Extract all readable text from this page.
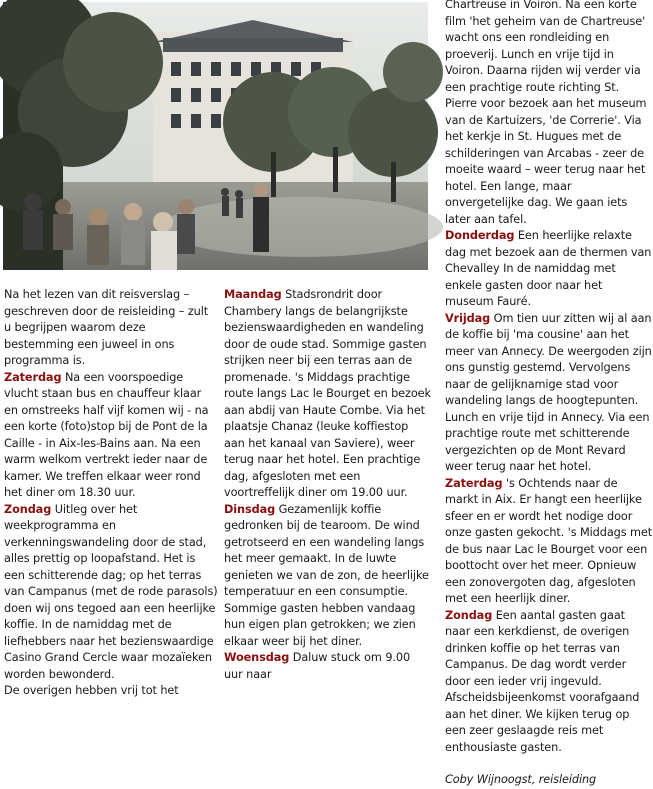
Na het lezen van dit reisverslag – geschreven door de reisleiding – zult u begrijpen waarom deze bestemming een juweel in ons programma is.

Zaterdag Na een voorspoedige vlucht staan bus en chauffeur klaar en omstreeks half vijf komen wij - na een korte (foto)stop bij de Pont de la Caille - in Aix-les-Bains aan. Na een warm welkom vertrekt ieder naar de kamer. We treffen elkaar weer rond het diner om 18.30 uur.

Zondag Uitleg over het weekprogramma en verkenningswandeling door de stad, alles prettig op loopafstand. Het is een schitterende dag; op het terras van Campanus (met de rode parasols) doen wij ons tegoed aan een heerlijke koffie. In de namiddag met de liefhebbers naar het bezienswaardige Casino Grand Cercle waar mozaïeken worden bewonderd.

De overigen hebben vrij tot het

Maandag Stadsrondrit door Chambery langs de belangrijkste bezienswaardigheden en wandeling door de oude stad. Sommige gasten strijken neer bij een terras aan de promenade. 's Middags prachtige route langs Lac le Bourget en bezoek aan abdij van Haute Combe. Via het plaatsje Chanaz (leuke koffiestop aan het kanaal van Saviere), weer terug naar het hotel. Een prachtige dag, afgesloten met een voortreffelijk diner om 19.00 uur.

Dinsdag Gezamenlijk koffie gedronken bij de tearoom. De wind getrotseerd en een wandeling langs het meer gemaakt. In de luwte genieten we van de zon, de heerlijke temperatuur en een consumptie. Sommige gasten hebben vandaag hun eigen plan getrokken; we zien elkaar weer bij het diner.

Woensdag Daluw stuck om 9.00 uur naar

Chartreuse in Voiron. Na een korte film 'het geheim van de Chartreuse' wacht ons een rondleiding en proeverij. Lunch en vrije tijd in Voiron. Daarna rijden wij verder via een prachtige route richting St. Pierre voor bezoek aan het museum van de Kartuizers, 'de Correrie'. Via het kerkje in St. Hugues met de schilderingen van Arcabas - zeer de moeite waard – weer terug naar het hotel. Een lange, maar onvergetelijke dag. We gaan iets later aan tafel.

Donderdag Een heerlijke relaxte dag met bezoek aan de thermen van Chevalley In de namiddag met enkele gasten door naar het museum Fauré.

Vrijdag Om tien uur zitten wij al aan de koffie bij 'ma cousine' aan het meer van Annecy. De weergoden zijn ons gunstig gestemd. Vervolgens naar de gelijknamige stad voor wandeling langs de hoogtepunten. Lunch en vrije tijd in Annecy. Via een prachtige route met schitterende vergezichten op de Mont Revard weer terug naar het hotel.

Zaterdag 's Ochtends naar de markt in Aix. Er hangt een heerlijke sfeer en er wordt het nodige door onze gasten gekocht. 's Middags met de bus naar Lac le Bourget voor een boottocht over het meer. Opnieuw een zonovergoten dag, afgesloten met een heerlijk diner.

Zondag Een aantal gasten gaat naar een kerkdienst, de overigen drinken koffie op het terras van Campanus. De dag wordt verder door een ieder vrij ingevuld. Afscheidsbijeenkomst voorafgaand aan het diner. We kijken terug op een zeer geslaagde reis met enthousiaste gasten.

Coby Wijnoogst, reisleiding
